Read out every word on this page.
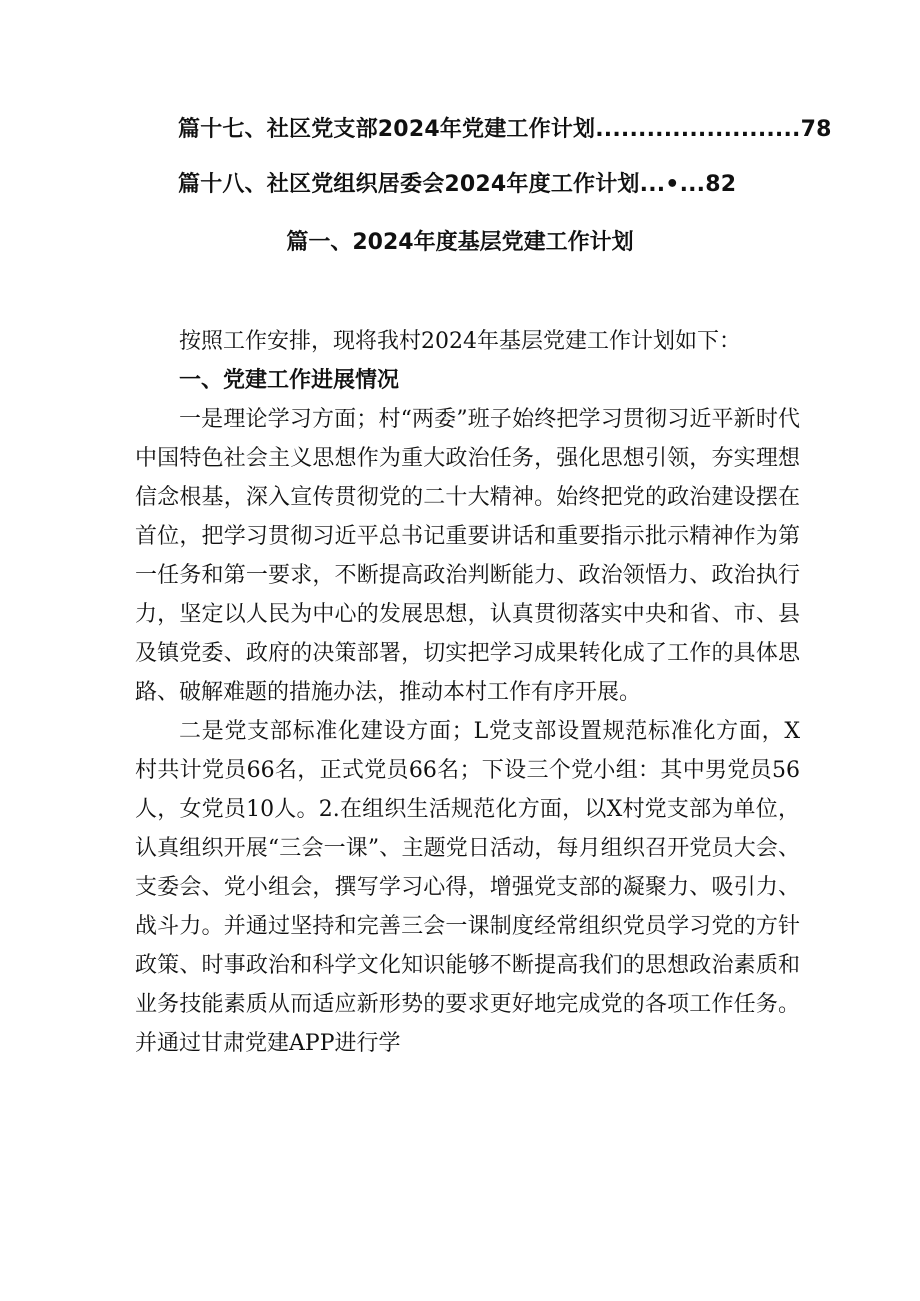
篇十七、社区党支部2024年党建工作计划........................78
篇十八、社区党组织居委会2024年度工作计划...•...82
篇一、2024年度基层党建工作计划

按照工作安排，现将我村2024年基层党建工作计划如下：

一、党建工作进展情况

一是理论学习方面；村“两委”班子始终把学习贯彻习近平新时代中国特色社会主义思想作为重大政治任务，强化思想引领，夯实理想信念根基，深入宣传贯彻党的二十大精神。始终把党的政治建设摆在首位，把学习贯彻习近平总书记重要讲话和重要指示批示精神作为第一任务和第一要求，不断提高政治判断能力、政治领悟力、政治执行力，坚定以人民为中心的发展思想，认真贯彻落实中央和省、市、县及镇党委、政府的决策部署，切实把学习成果转化成了工作的具体思路、破解难题的措施办法，推动本村工作有序开展。

二是党支部标准化建设方面；L党支部设置规范标准化方面，X村共计党员66名，正式党员66名；下设三个党小组：其中男党员56人，女党员10人。2.在组织生活规范化方面，以X村党支部为单位，认真组织开展“三会一课”、主题党日活动，每月组织召开党员大会、支委会、党小组会，撰写学习心得，增强党支部的凝聚力、吸引力、战斗力。并通过坚持和完善三会一课制度经常组织党员学习党的方针政策、时事政治和科学文化知识能够不断提高我们的思想政治素质和业务技能素质从而适应新形势的要求更好地完成党的各项工作任务。并通过甘肃党建APP进行学
